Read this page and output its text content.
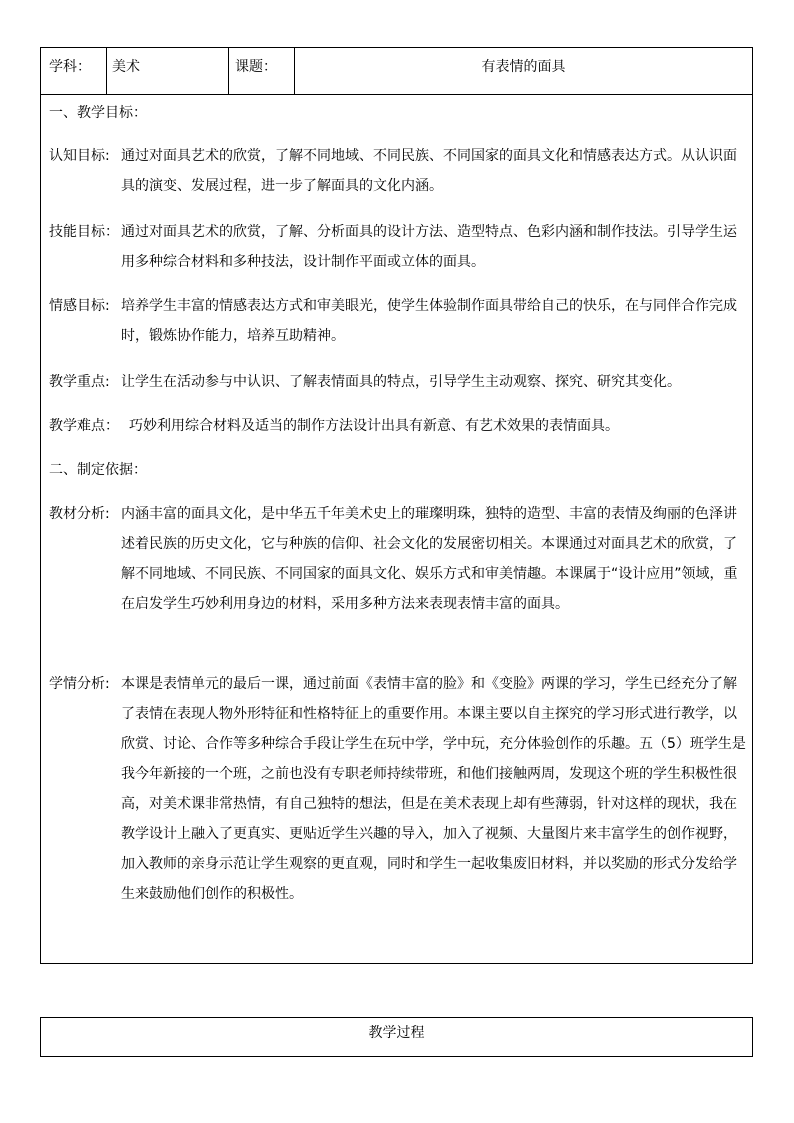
学科：	美术	课题：	有表情的面具
一、教学目标：
认知目标: 通过对面具艺术的欣赏，了解不同地域、不同民族、不同国家的面具文化和情感表达方式。从认识面具的演变、发展过程，进一步了解面具的文化内涵。

技能目标： 通过对面具艺术的欣赏，了解、分析面具的设计方法、造型特点、色彩内涵和制作技法。引导学生运用多种综合材料和多种技法，设计制作平面或立体的面具。

情感目标: 培养学生丰富的情感表达方式和审美眼光，使学生体验制作面具带给自己的快乐，在与同伴合作完成时，锻炼协作能力，培养互助精神。

教学重点: 让学生在活动参与中认识、了解表情面具的特点，引导学生主动观察、探究、研究其变化。

教学难点： 巧妙利用综合材料及适当的制作方法设计出具有新意、有艺术效果的表情面具。

二、制定依据：
教材分析: 内涵丰富的面具文化，是中华五千年美术史上的璀璨明珠，独特的造型、丰富的表情及绚丽的色泽讲述着民族的历史文化，它与种族的信仰、社会文化的发展密切相关。本课通过对面具艺术的欣赏，了解不同地域、不同民族、不同国家的面具文化、娱乐方式和审美情趣。本课属于“设计应用”领域，重在启发学生巧妙利用身边的材料，采用多种方法来表现表情丰富的面具。

学情分析: 本课是表情单元的最后一课，通过前面《表情丰富的脸》和《变脸》两课的学习，学生已经充分了解了表情在表现人物外形特征和性格特征上的重要作用。本课主要以自主探究的学习形式进行教学，以欣赏、讨论、合作等多种综合手段让学生在玩中学，学中玩，充分体验创作的乐趣。五（5）班学生是我今年新接的一个班，之前也没有专职老师持续带班，和他们接触两周，发现这个班的学生积极性很高，对美术课非常热情，有自己独特的想法，但是在美术表现上却有些薄弱，针对这样的现状，我在教学设计上融入了更真实、更贴近学生兴趣的导入，加入了视频、大量图片来丰富学生的创作视野，加入教师的亲身示范让学生观察的更直观，同时和学生一起收集废旧材料，并以奖励的形式分发给学生来鼓励他们创作的积极性。

教学过程
